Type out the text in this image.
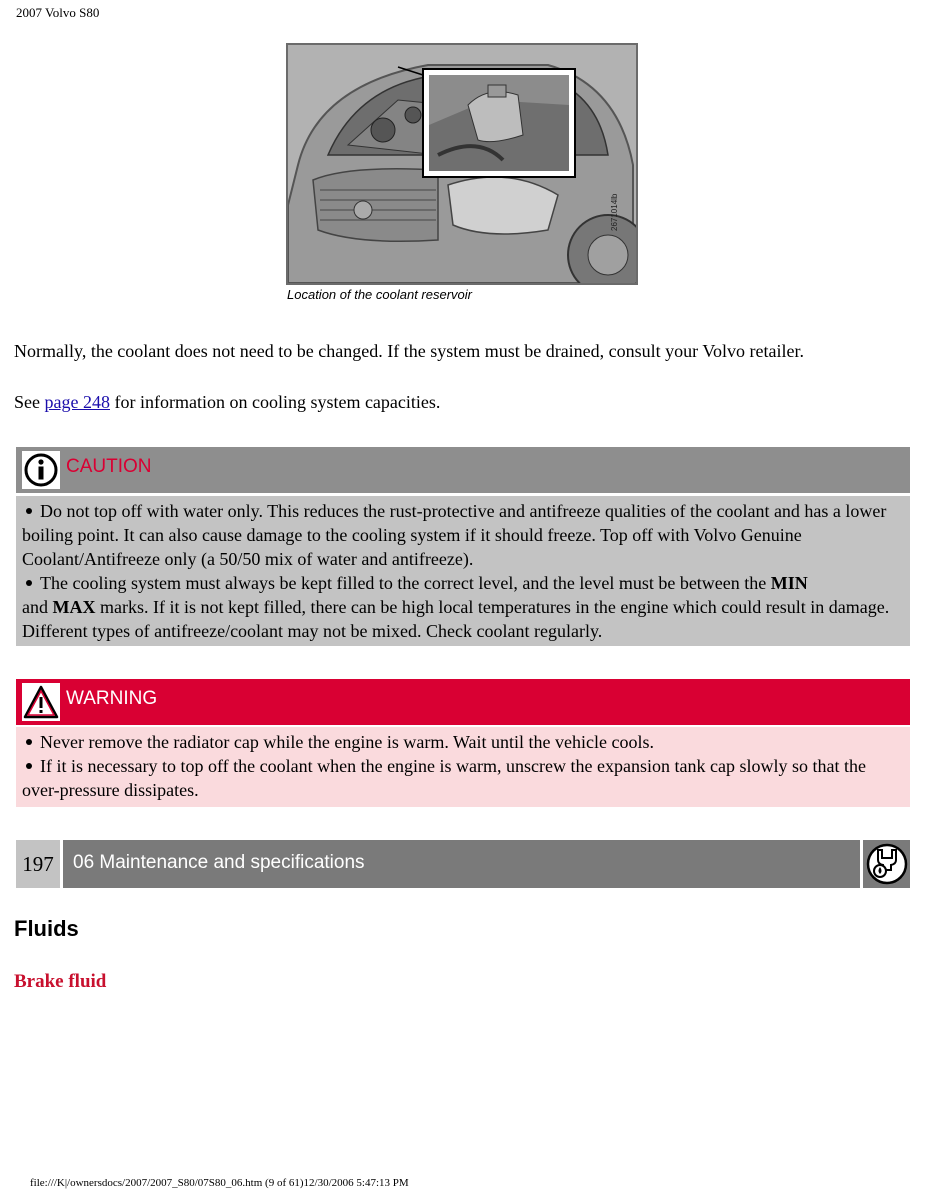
2007 Volvo S80
2671014lb
Location of the coolant reservoir

Normally, the coolant does not need to be changed. If the system must be drained, consult your Volvo retailer.

See page 248 for information on cooling system capacities.

CAUTION

Do not top off with water only. This reduces the rust-protective and antifreeze qualities of the coolant and has a lower boiling point. It can also cause damage to the cooling system if it should freeze. Top off with Volvo Genuine Coolant/Antifreeze only (a 50/50 mix of water and antifreeze).

The cooling system must always be kept filled to the correct level, and the level must be between the MIN
and MAX marks. If it is not kept filled, there can be high local temperatures in the engine which could result in damage. Different types of antifreeze/coolant may not be mixed. Check coolant regularly.

WARNING

Never remove the radiator cap while the engine is warm. Wait until the vehicle cools.

If it is necessary to top off the coolant when the engine is warm, unscrew the expansion tank cap slowly so that the over-pressure dissipates.

197	06 Maintenance and specifications
Fluids
Brake fluid
file:///K|/ownersdocs/2007/2007_S80/07S80_06.htm (9 of 61)12/30/2006 5:47:13 PM
